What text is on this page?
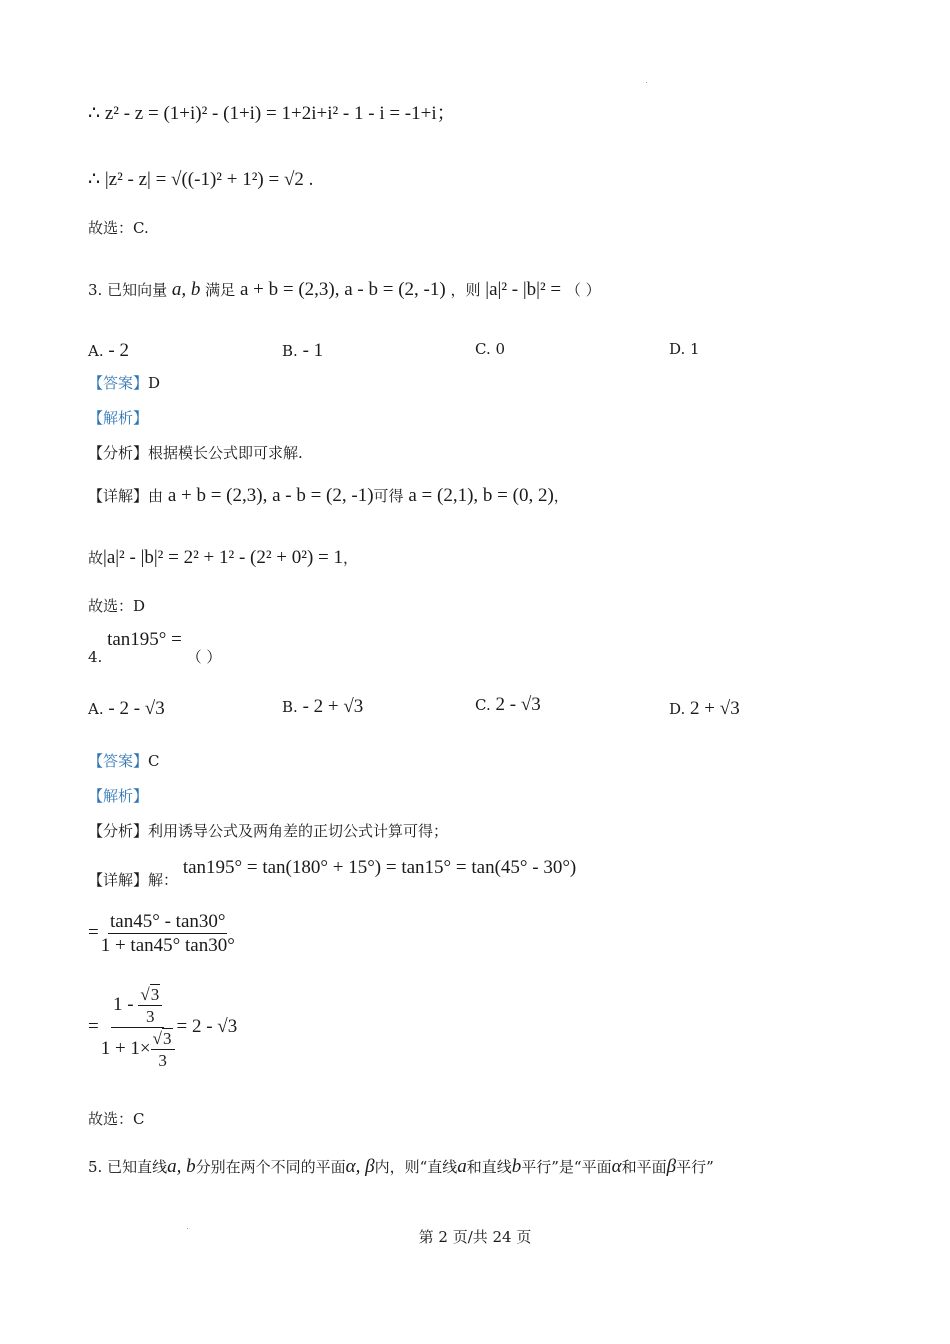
∴ z² - z = (1+i)² - (1+i) = 1+2i+i² - 1 - i = -1+i；
∴ |z² - z| = √((-1)² + 1²) = √2 .
故选：C.
3. 已知向量 a, b 满足 a + b = (2,3), a - b = (2, -1) ，则 |a|² - |b|² = （ ）
A. - 2	B. - 1	C. 0	D. 1
【答案】D
【解析】
【分析】根据模长公式即可求解.
【详解】由 a + b = (2,3), a - b = (2, -1)可得 a = (2,1), b = (0, 2)，
故|a|² - |b|² = 2² + 1² - (2² + 0²) = 1，
故选：D
4. tan195° = （ ）
A. - 2 - √3	B. - 2 + √3	C. 2 - √3	D. 2 + √3
【答案】C
【解析】
【分析】利用诱导公式及两角差的正切公式计算可得；
【详解】解： tan195° = tan(180° + 15°) = tan15° = tan(45° - 30°)
= $\frac{\tan 45^\circ - \tan 30^\circ}{1 + \tan 45^\circ \tan 30^\circ}$
= $\frac{1 - \frac{√3}{3}}{1 + 1\times \frac{√3}{3}} = 2 - √3$
故选：C
5. 已知直线a, b分别在两个不同的平面α, β内，则“直线a和直线b平行”是“平面α和平面β平行”
第 2 页/共 24 页
